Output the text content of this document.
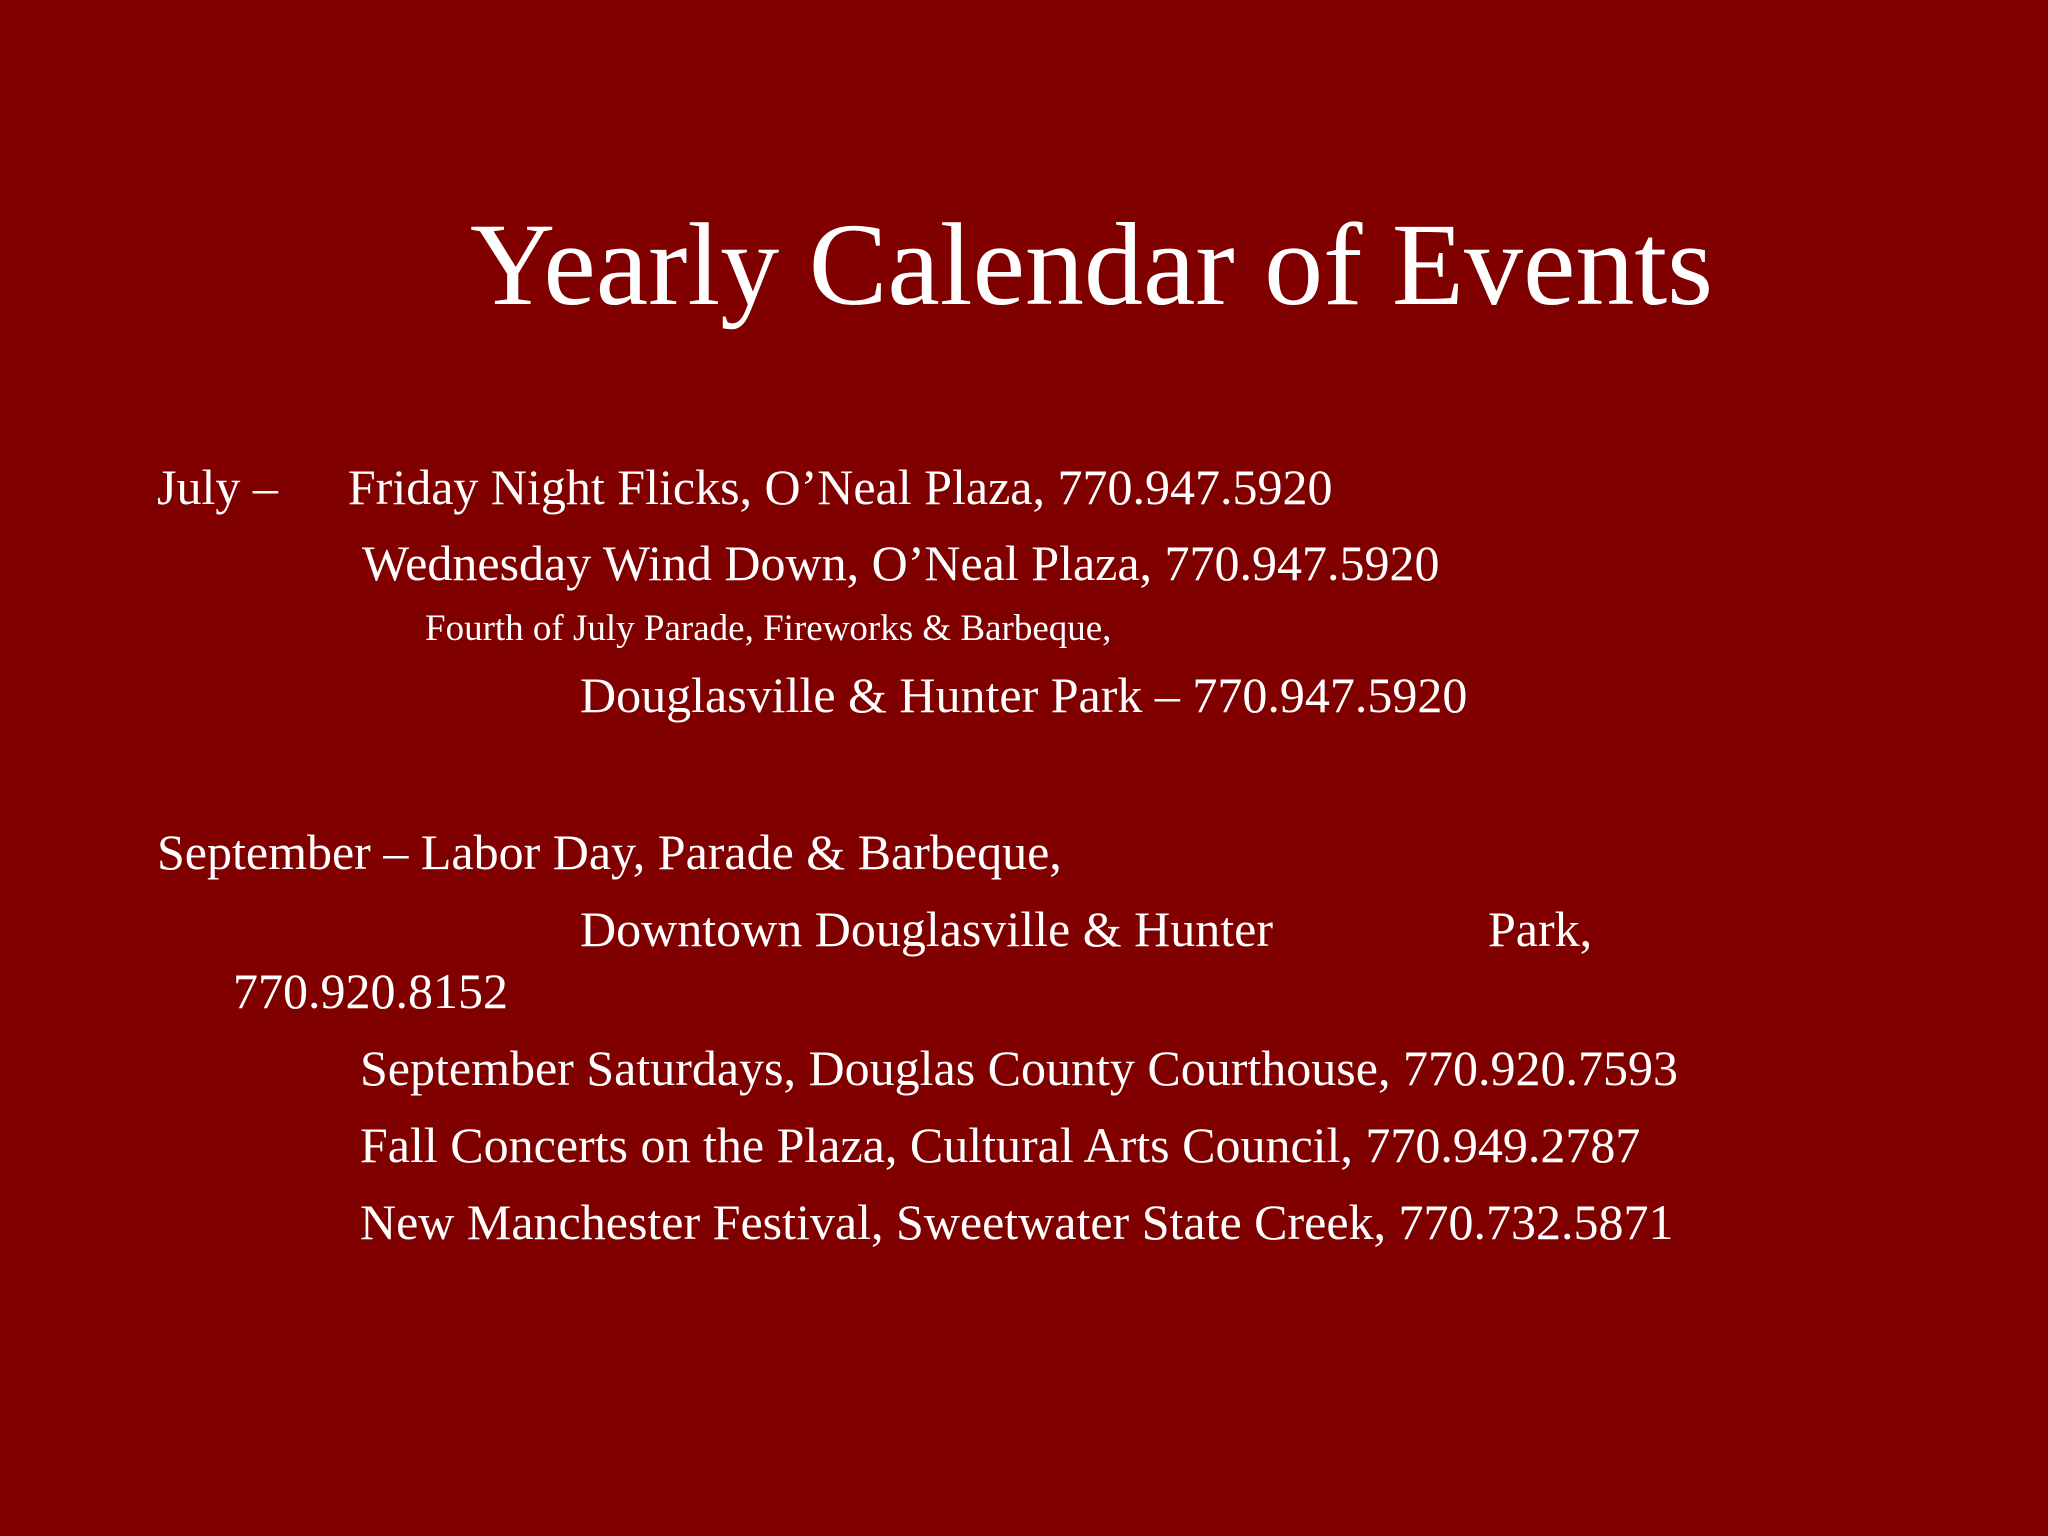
Yearly Calendar of Events
July – Friday Night Flicks, O’Neal Plaza, 770.947.5920
Wednesday Wind Down, O’Neal Plaza, 770.947.5920
Fourth of July Parade, Fireworks & Barbeque,
Douglasville & Hunter Park – 770.947.5920
September – Labor Day, Parade & Barbeque,
Downtown Douglasville & Hunter	Park,
770.920.8152
September Saturdays, Douglas County Courthouse, 770.920.7593
Fall Concerts on the Plaza, Cultural Arts Council, 770.949.2787
New Manchester Festival, Sweetwater State Creek, 770.732.5871
